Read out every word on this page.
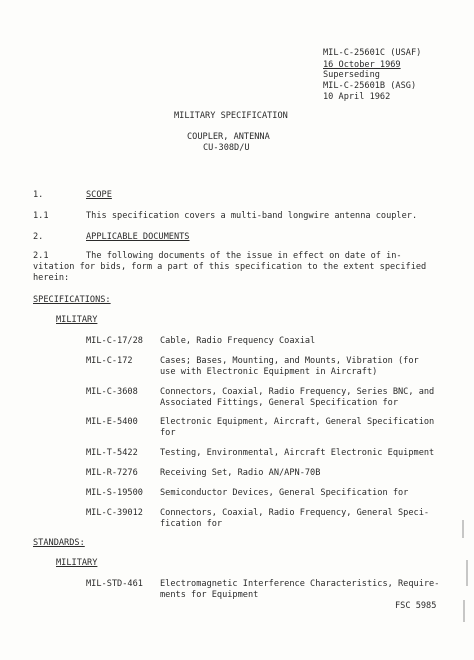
MIL-C-25601C (USAF)
16 October 1969
Superseding
MIL-C-25601B (ASG)
10 April 1962
MILITARY SPECIFICATION
COUPLER, ANTENNA
CU-308D/U
1.	SCOPE
1.1	This specification covers a multi-band longwire antenna coupler.
2.	APPLICABLE DOCUMENTS
2.1	The following documents of the issue in effect on date of in-
vitation for bids, form a part of this specification to the extent specified
herein:
SPECIFICATIONS:
MILITARY
MIL-C-17/28 Cable, Radio Frequency Coaxial
MIL-C-172	Cases; Bases, Mounting, and Mounts, Vibration (for
use with Electronic Equipment in Aircraft)
MIL-C-3608	Connectors, Coaxial, Radio Frequency, Series BNC, and
Associated Fittings, General Specification for
MIL-E-5400	Electronic Equipment, Aircraft, General Specification
for
MIL-T-5422	Testing, Environmental, Aircraft Electronic Equipment
MIL-R-7276	Receiving Set, Radio AN/APN-70B
MIL-S-19500 Semiconductor Devices, General Specification for
MIL-C-39012 Connectors, Coaxial, Radio Frequency, General Speci-
fication for
STANDARDS:
MILITARY
MIL-STD-461 Electromagnetic Interference Characteristics, Require-
ments for Equipment
FSC 5985
